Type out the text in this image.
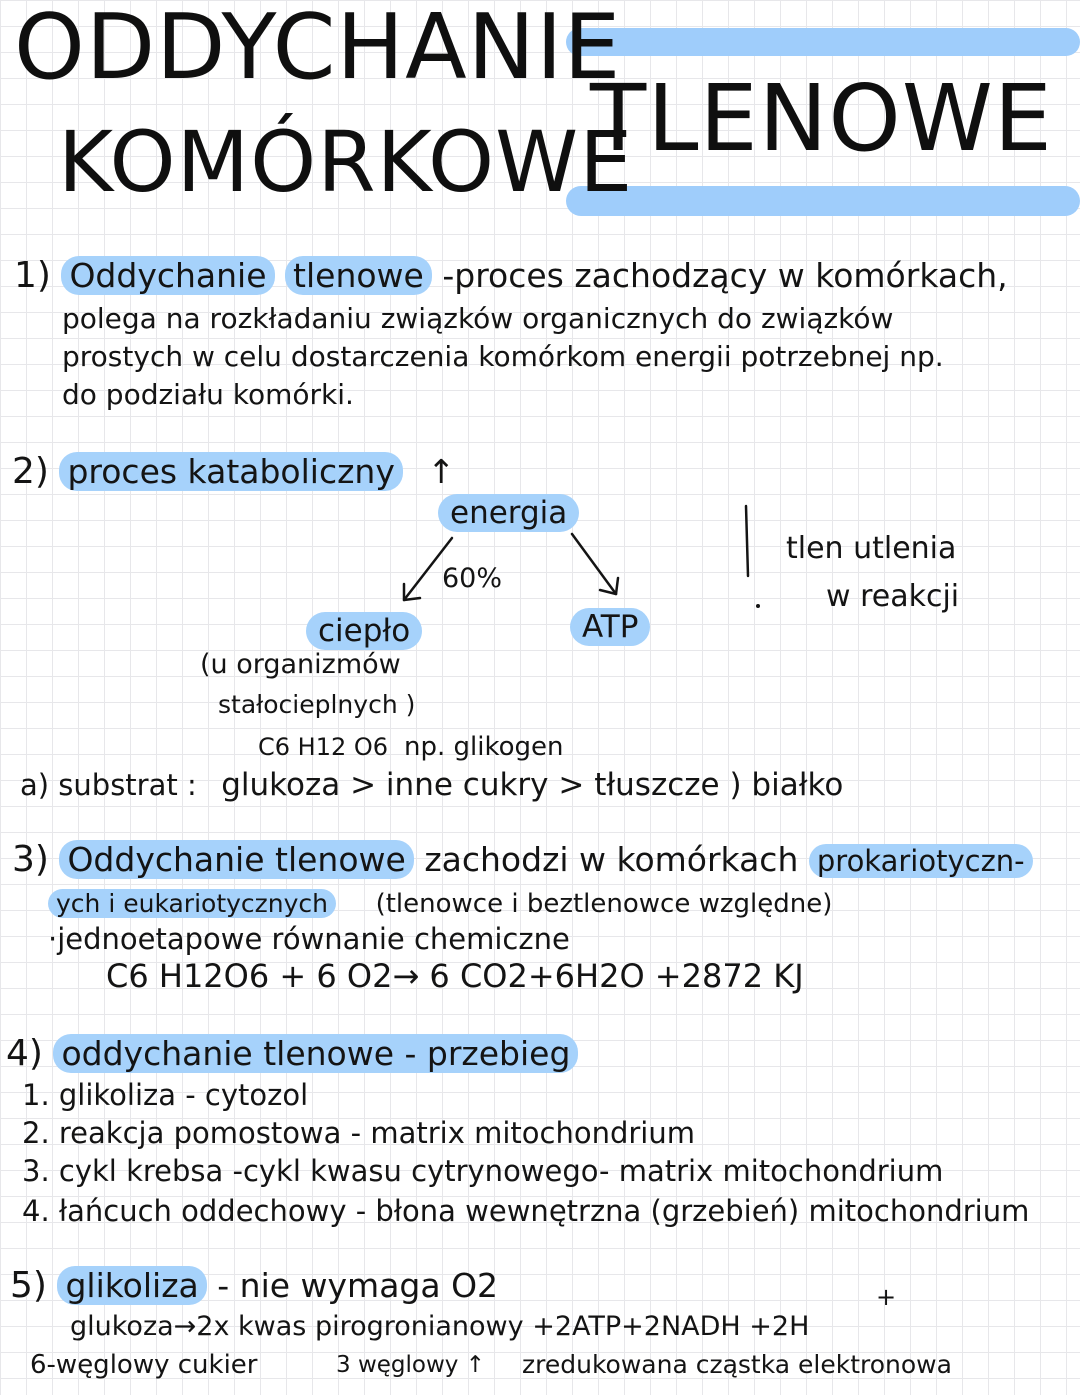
ODDYCHANIE
KOMÓRKOWE
TLENOWE
1) Oddychanie tlenowe -proces zachodzący w komórkach,
polega na rozkładaniu związków organicznych do związków
prostych w celu dostarczenia komórkom energii potrzebnej np.
do podziału komórki.
2) proces kataboliczny ↑
energia
60%
ciepło	ATP
(u organizmów
stałocieplnych )
tlen utlenia
w reakcji
C6 H12 O6 np. glikogen
a) substrat : glukoza > inne cukry > tłuszcze ) białko
3) Oddychanie tlenowe zachodzi w komórkach prokariotyczn-
ych i eukariotycznych (tlenowce i beztlenowce względne)
·jednoetapowe równanie chemiczne
C6 H12O6 + 6 O2→ 6 CO2+6H2O +2872 KJ
4) oddychanie tlenowe - przebieg
1. glikoliza - cytozol
2. reakcja pomostowa - matrix mitochondrium
3. cykl krebsa -cykl kwasu cytrynowego- matrix mitochondrium
4. łańcuch oddechowy - błona wewnętrzna (grzebień) mitochondrium
5) glikoliza - nie wymaga O2	+
glukoza→2x kwas pirogronianowy +2ATP+2NADH +2H
6-węglowy cukier	3 węglowy ↑ zredukowana cząstka elektronowa
